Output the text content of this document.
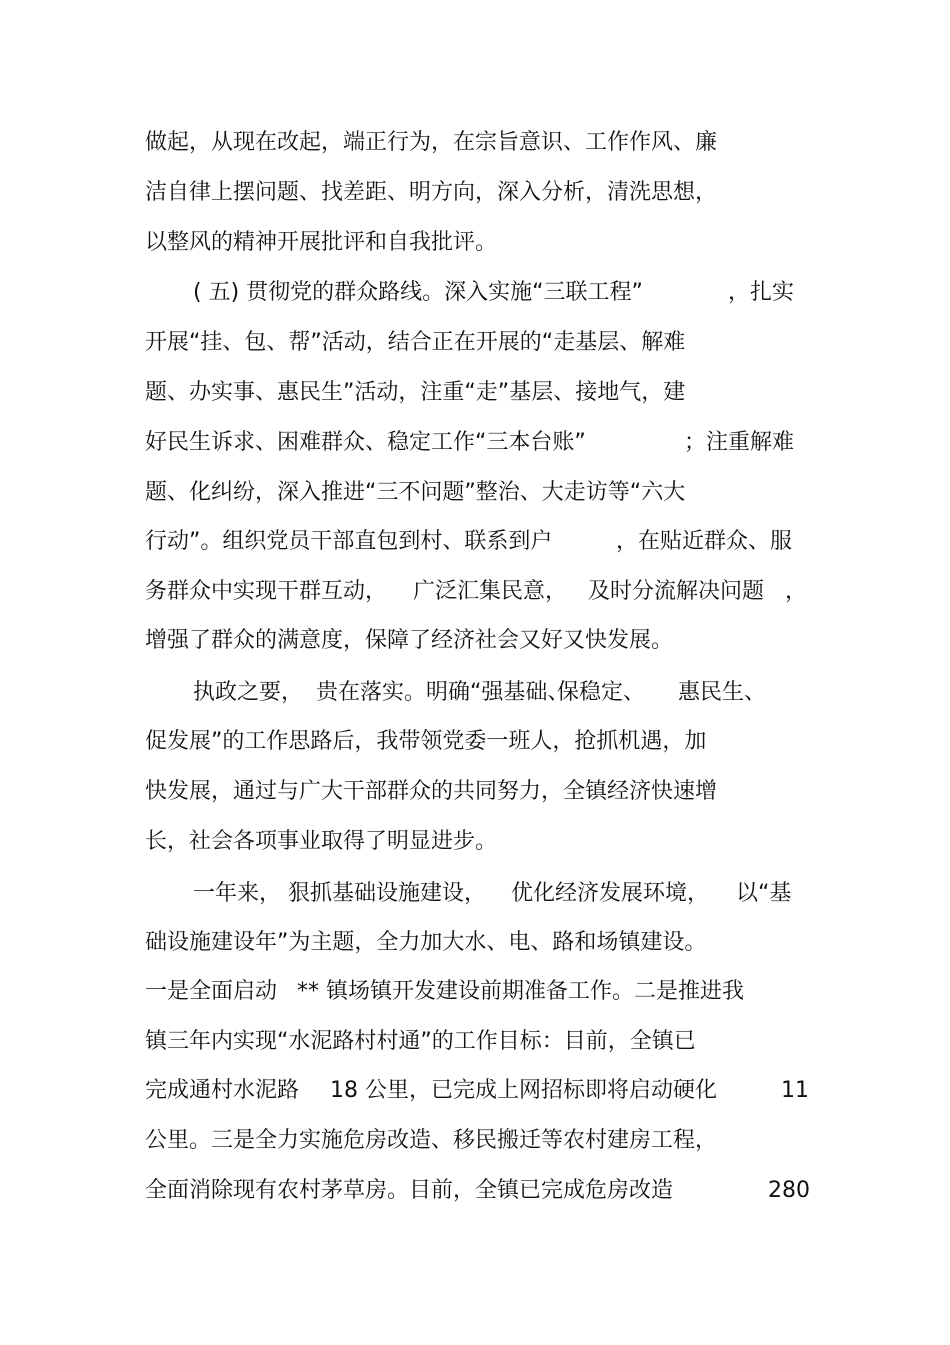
做起，从现在改起，端正行为，在宗旨意识、工作作风、廉

洁自律上摆问题、找差距、明方向，深入分析，清洗思想，

以整风的精神开展批评和自我批评。

( 五) 贯彻党的群众路线。深入实施“三联工程”

	，扎实

开展“挂、包、帮”活动，结合正在开展的“走基层、解难

题、办实事、惠民生”活动，注重“走”基层、接地气，建

好民生诉求、困难群众、稳定工作“三本台账”

	；注重解难

题、化纠纷，深入推进“三不问题”整治、大走访等“六大

行动”。组织党员干部直包到村、联系到户

	，在贴近群众、服

务群众中实现干群互动，

广泛汇集民意，

及时分流解决问题

，

增强了群众的满意度，保障了经济社会又好又快发展。

执政之要，

贵在落实。明确“强基础、

保稳定、

惠民生、

促发展”的工作思路后，我带领党委一班人，抢抓机遇，加

快发展，通过与广大干部群众的共同努力，全镇经济快速增

长，社会各项事业取得了明显进步。

一年来，

狠抓基础设施建设，

优化经济发展环境，

以“基

础设施建设年”为主题，全力加大水、电、路和场镇建设。

一是全面启动

** 镇场镇开发建设前期准备工作。二是推进我

镇三年内实现“水泥路村村通”的工作目标：目前，全镇已

完成通村水泥路

18 公里，已完成上网招标即将启动硬化

	11

公里。三是全力实施危房改造、移民搬迁等农村建房工程，

全面消除现有农村茅草房。目前，全镇已完成危房改造

	280
